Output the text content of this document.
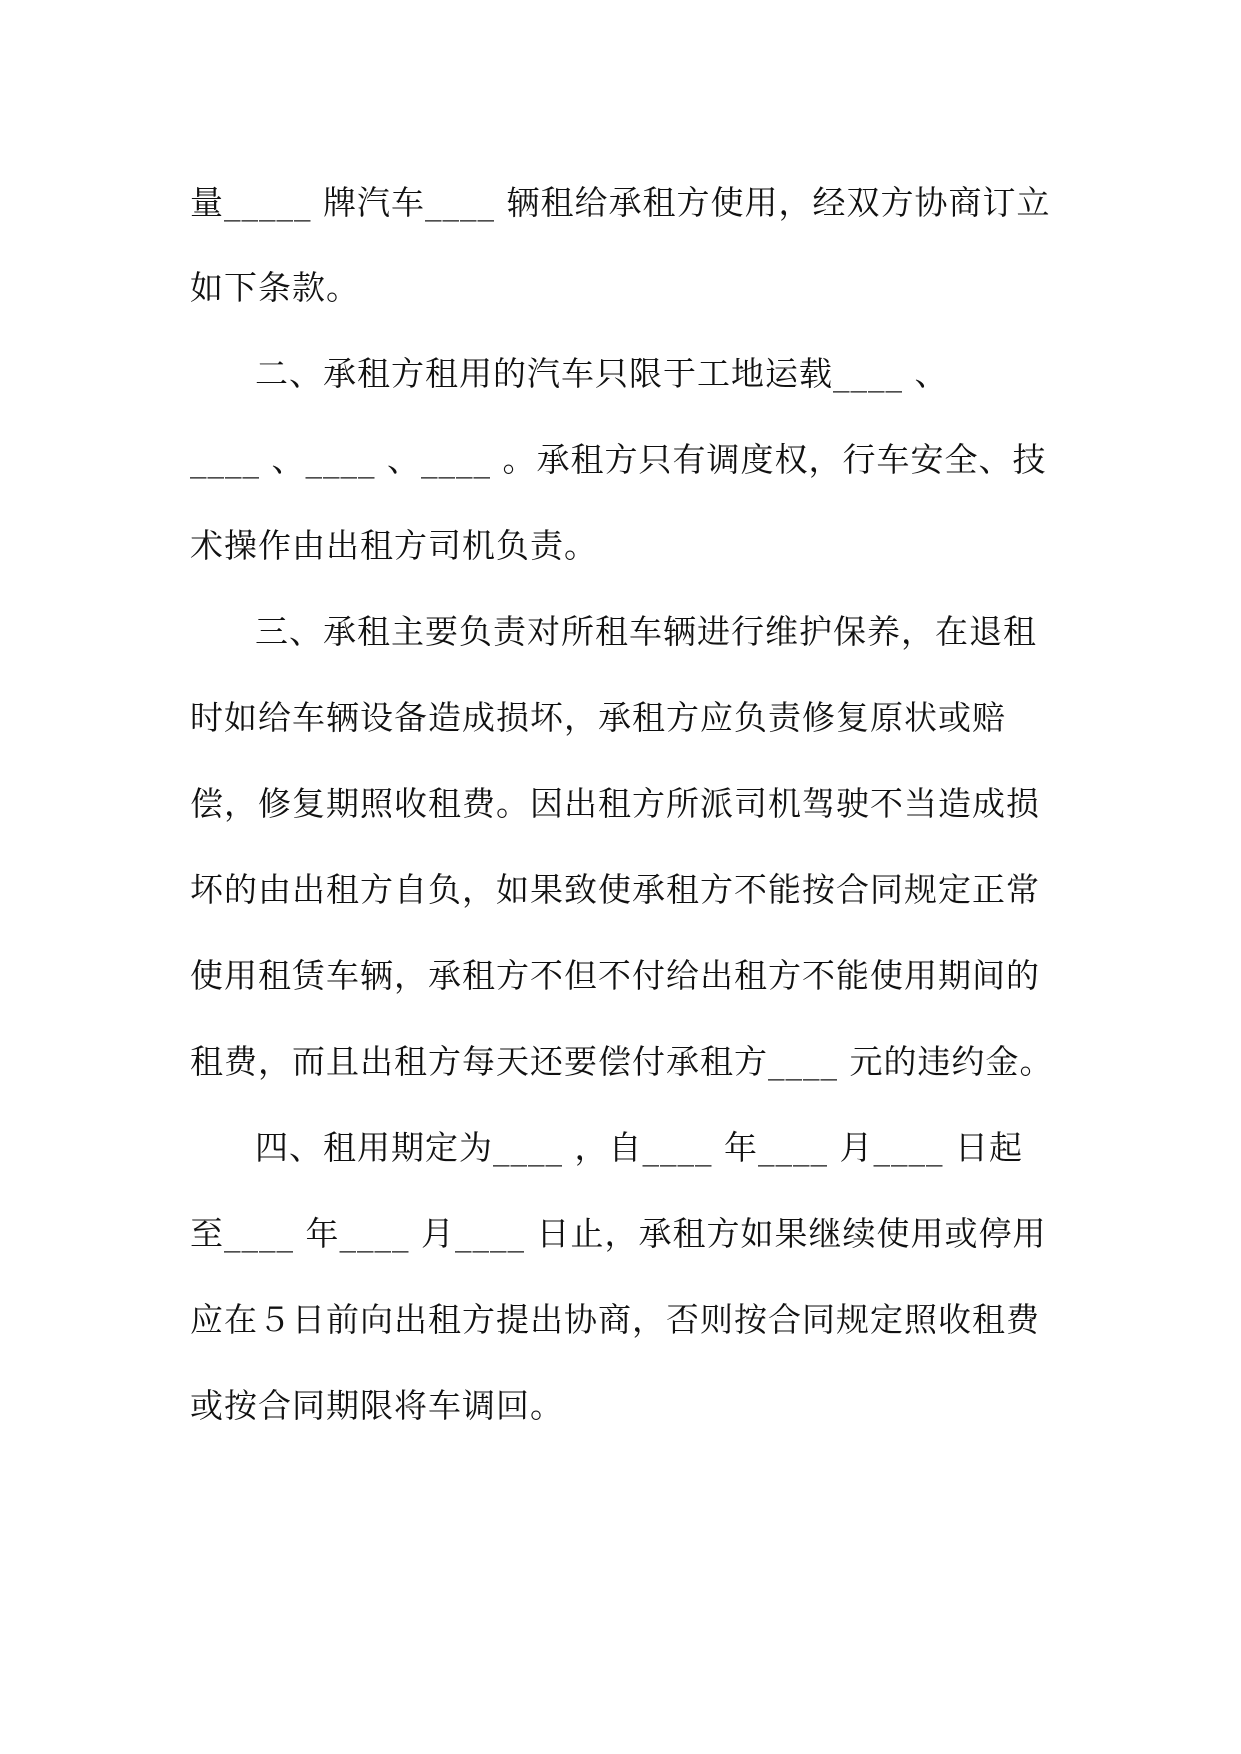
量_____ 牌汽车____ 辆租给承租方使用，经双方协商订立
如下条款。
二、承租方租用的汽车只限于工地运载____ 、
____ 、____ 、____ 。承租方只有调度权，行车安全、技
术操作由出租方司机负责。
三、承租主要负责对所租车辆进行维护保养，在退租
时如给车辆设备造成损坏，承租方应负责修复原状或赔
偿，修复期照收租费。因出租方所派司机驾驶不当造成损
坏的由出租方自负，如果致使承租方不能按合同规定正常
使用租赁车辆，承租方不但不付给出租方不能使用期间的
租费，而且出租方每天还要偿付承租方____ 元的违约金。
四、租用期定为____ ，自____ 年____ 月____ 日起
至____ 年____ 月____ 日止，承租方如果继续使用或停用
应在５日前向出租方提出协商，否则按合同规定照收租费
或按合同期限将车调回。
